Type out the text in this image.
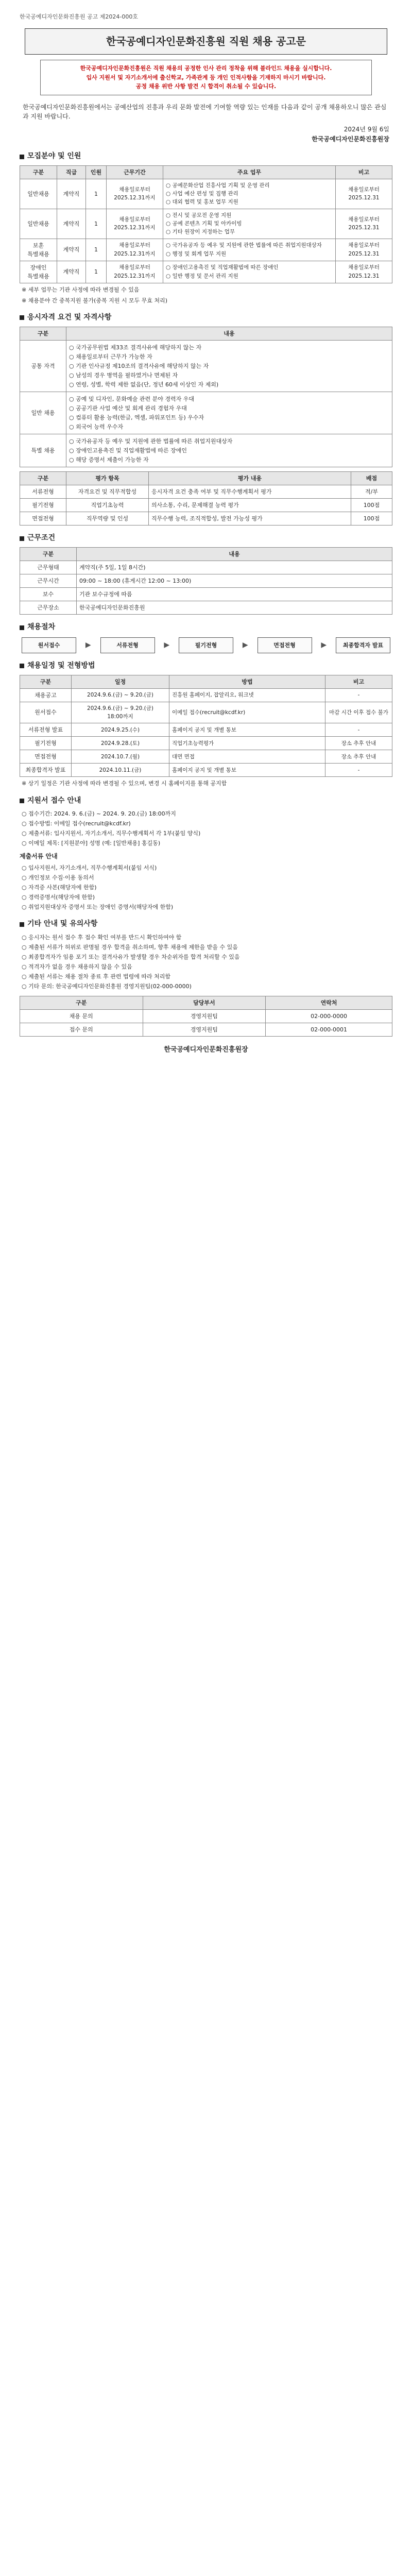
한국공예디자인문화진흥원 공고 제2024-000호
한국공예디자인문화진흥원 직원 채용 공고문
한국공예디자인문화진흥원은 직원 채용의 공정한 인사 관리 정착을 위해 블라인드 채용을 실시합니다.
입사 지원서 및 자기소개서에 출신학교, 가족관계 등 개인 인적사항을 기재하지 마시기 바랍니다.
공정 채용 위반 사항 발견 시 합격이 취소될 수 있습니다.

한국공예디자인문화진흥원에서는 공예산업의 진흥과 우리 문화 발전에 기여할 역량 있는 인재를 다음과 같이 공개 채용하오니 많은 관심과 지원 바랍니다.

2024년 9월 6일
한국공예디자인문화진흥원장
모집분야 및 인원
구분	직급	인원	근무기간	주요 업무	비고
일반채용	계약직	1	채용일로부터 2025.12.31까지	○ 공예문화산업 진흥사업 기획 및 운영 관리
○ 사업 예산 편성 및 집행 관리
○ 대외 협력 및 홍보 업무 지원	채용일로부터 2025.12.31
일반채용	계약직	1	채용일로부터 2025.12.31까지	○ 전시 및 공모전 운영 지원
○ 공예 콘텐츠 기획 및 아카이빙
○ 기타 원장이 지정하는 업무	채용일로부터 2025.12.31
보훈 특별채용	계약직	1	채용일로부터 2025.12.31까지	○ 국가유공자 등 예우 및 지원에 관한 법률에 따른 취업지원대상자
○ 행정 및 회계 업무 지원	채용일로부터 2025.12.31
장애인 특별채용	계약직	1	채용일로부터 2025.12.31까지	○ 장애인고용촉진 및 직업재활법에 따른 장애인
○ 일반 행정 및 문서 관리 지원	채용일로부터 2025.12.31
※ 세부 업무는 기관 사정에 따라 변경될 수 있음
※ 채용분야 간 중복지원 불가(중복 지원 시 모두 무효 처리)
응시자격 요건 및 자격사항
구분	내용
공통 자격	○ 국가공무원법 제33조 결격사유에 해당하지 않는 자
○ 채용일로부터 근무가 가능한 자
○ 기관 인사규정 제10조의 결격사유에 해당하지 않는 자
○ 남성의 경우 병역을 필하였거나 면제된 자
○ 연령, 성별, 학력 제한 없음(단, 정년 60세 이상인 자 제외)

일반 채용	○ 공예 및 디자인, 문화예술 관련 분야 경력자 우대
○ 공공기관 사업 예산 및 회계 관리 경험자 우대
○ 컴퓨터 활용 능력(한글, 엑셀, 파워포인트 등) 우수자
○ 외국어 능력 우수자

특별 채용	○ 국가유공자 등 예우 및 지원에 관한 법률에 따른 취업지원대상자
○ 장애인고용촉진 및 직업재활법에 따른 장애인
○ 해당 증명서 제출이 가능한 자
구분	평가 항목	평가 내용	배점
서류전형	자격요건 및 직무적합성	응시자격 요건 충족 여부 및 직무수행계획서 평가	적/부
필기전형	직업기초능력	의사소통, 수리, 문제해결 능력 평가	100점
면접전형	직무역량 및 인성	직무수행 능력, 조직적합성, 발전 가능성 평가	100점
근무조건
구분	내용
근무형태	계약직(주 5일, 1일 8시간)
근무시간	09:00 ~ 18:00 (휴게시간 12:00 ~ 13:00)
보수	기관 보수규정에 따름
근무장소	한국공예디자인문화진흥원
채용절차
원서접수	▶	서류전형	▶	필기전형	▶	면접전형	▶	최종합격자 발표
채용일정 및 전형방법
구분	일정	방법	비고
채용공고	2024.9.6.(금) ~ 9.20.(금)	진흥원 홈페이지, 잡알리오, 워크넷	-
원서접수	2024.9.6.(금) ~ 9.20.(금) 18:00까지	이메일 접수(recruit@kcdf.kr)	마감 시간 이후 접수 불가
서류전형 발표	2024.9.25.(수)	홈페이지 공지 및 개별 통보	-
필기전형	2024.9.28.(토)	직업기초능력평가	장소 추후 안내
면접전형	2024.10.7.(월)	대면 면접	장소 추후 안내
최종합격자 발표	2024.10.11.(금)	홈페이지 공지 및 개별 통보	-
※ 상기 일정은 기관 사정에 따라 변경될 수 있으며, 변경 시 홈페이지를 통해 공지함
지원서 접수 안내
○ 접수기간: 2024. 9. 6.(금) ~ 2024. 9. 20.(금) 18:00까지
○ 접수방법: 이메일 접수(recruit@kcdf.kr)
○ 제출서류: 입사지원서, 자기소개서, 직무수행계획서 각 1부(붙임 양식)
○ 이메일 제목: [지원분야] 성명 (예: [일반채용] 홍길동)
제출서류 안내
○ 입사지원서, 자기소개서, 직무수행계획서(붙임 서식)
○ 개인정보 수집·이용 동의서
○ 자격증 사본(해당자에 한함)
○ 경력증명서(해당자에 한함)
○ 취업지원대상자 증명서 또는 장애인 증명서(해당자에 한함)
기타 안내 및 유의사항
○ 응시자는 원서 접수 후 접수 확인 여부를 반드시 확인하여야 함
○ 제출된 서류가 허위로 판명될 경우 합격을 취소하며, 향후 채용에 제한을 받을 수 있음
○ 최종합격자가 임용 포기 또는 결격사유가 발생할 경우 차순위자를 합격 처리할 수 있음
○ 적격자가 없을 경우 채용하지 않을 수 있음
○ 제출된 서류는 채용 절차 종료 후 관련 법령에 따라 처리함
○ 기타 문의: 한국공예디자인문화진흥원 경영지원팀(02-000-0000)
구분	담당부서	연락처
채용 문의	경영지원팀	02-000-0000
접수 문의	경영지원팀	02-000-0001
한국공예디자인문화진흥원장
